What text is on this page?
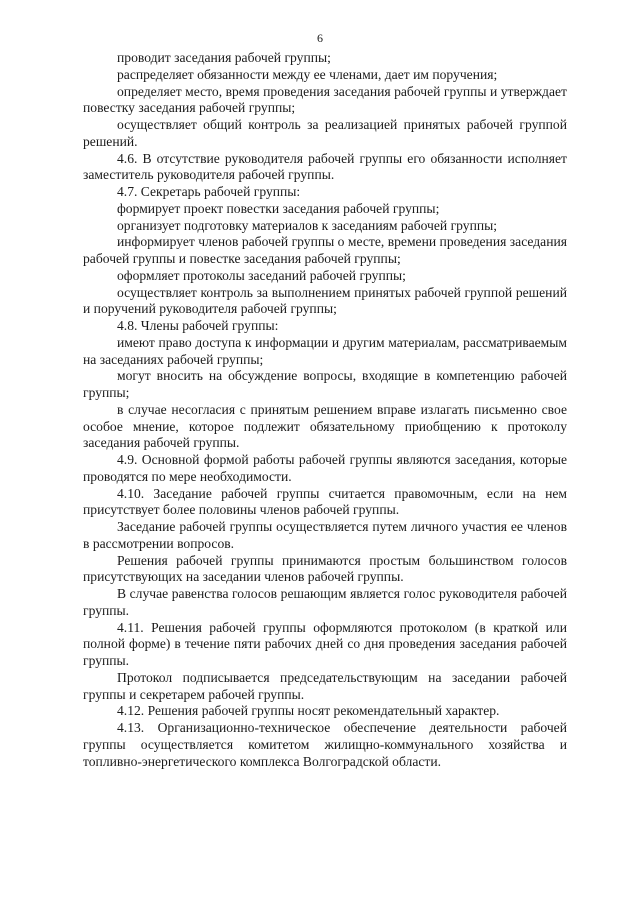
6

проводит заседания рабочей группы;

распределяет обязанности между ее членами, дает им поручения;

определяет место, время проведения заседания рабочей группы и утверждает повестку заседания рабочей группы;

осуществляет общий контроль за реализацией принятых рабочей группой решений.

4.6. В отсутствие руководителя рабочей группы его обязанности исполняет заместитель руководителя рабочей группы.

4.7. Секретарь рабочей группы:

формирует проект повестки заседания рабочей группы;

организует подготовку материалов к заседаниям рабочей группы;

информирует членов рабочей группы о месте, времени проведения заседания рабочей группы и повестке заседания рабочей группы;

оформляет протоколы заседаний рабочей группы;

осуществляет контроль за выполнением принятых рабочей группой решений и поручений руководителя рабочей группы;

4.8. Члены рабочей группы:

имеют право доступа к информации и другим материалам, рассматриваемым на заседаниях рабочей группы;

могут вносить на обсуждение вопросы, входящие в компетенцию рабочей группы;

в случае несогласия с принятым решением вправе излагать письменно свое особое мнение, которое подлежит обязательному приобщению к протоколу заседания рабочей группы.

4.9. Основной формой работы рабочей группы являются заседания, которые проводятся по мере необходимости.

4.10. Заседание рабочей группы считается правомочным, если на нем присутствует более половины членов рабочей группы.

Заседание рабочей группы осуществляется путем личного участия ее членов в рассмотрении вопросов.

Решения рабочей группы принимаются простым большинством голосов присутствующих на заседании членов рабочей группы.

В случае равенства голосов решающим является голос руководителя рабочей группы.

4.11. Решения рабочей группы оформляются протоколом (в краткой или полной форме) в течение пяти рабочих дней со дня проведения заседания рабочей группы.

Протокол подписывается председательствующим на заседании рабочей группы и секретарем рабочей группы.

4.12. Решения рабочей группы носят рекомендательный характер.

4.13. Организационно-техническое обеспечение деятельности рабочей группы осуществляется комитетом жилищно-коммунального хозяйства и топливно-энергетического комплекса Волгоградской области.
